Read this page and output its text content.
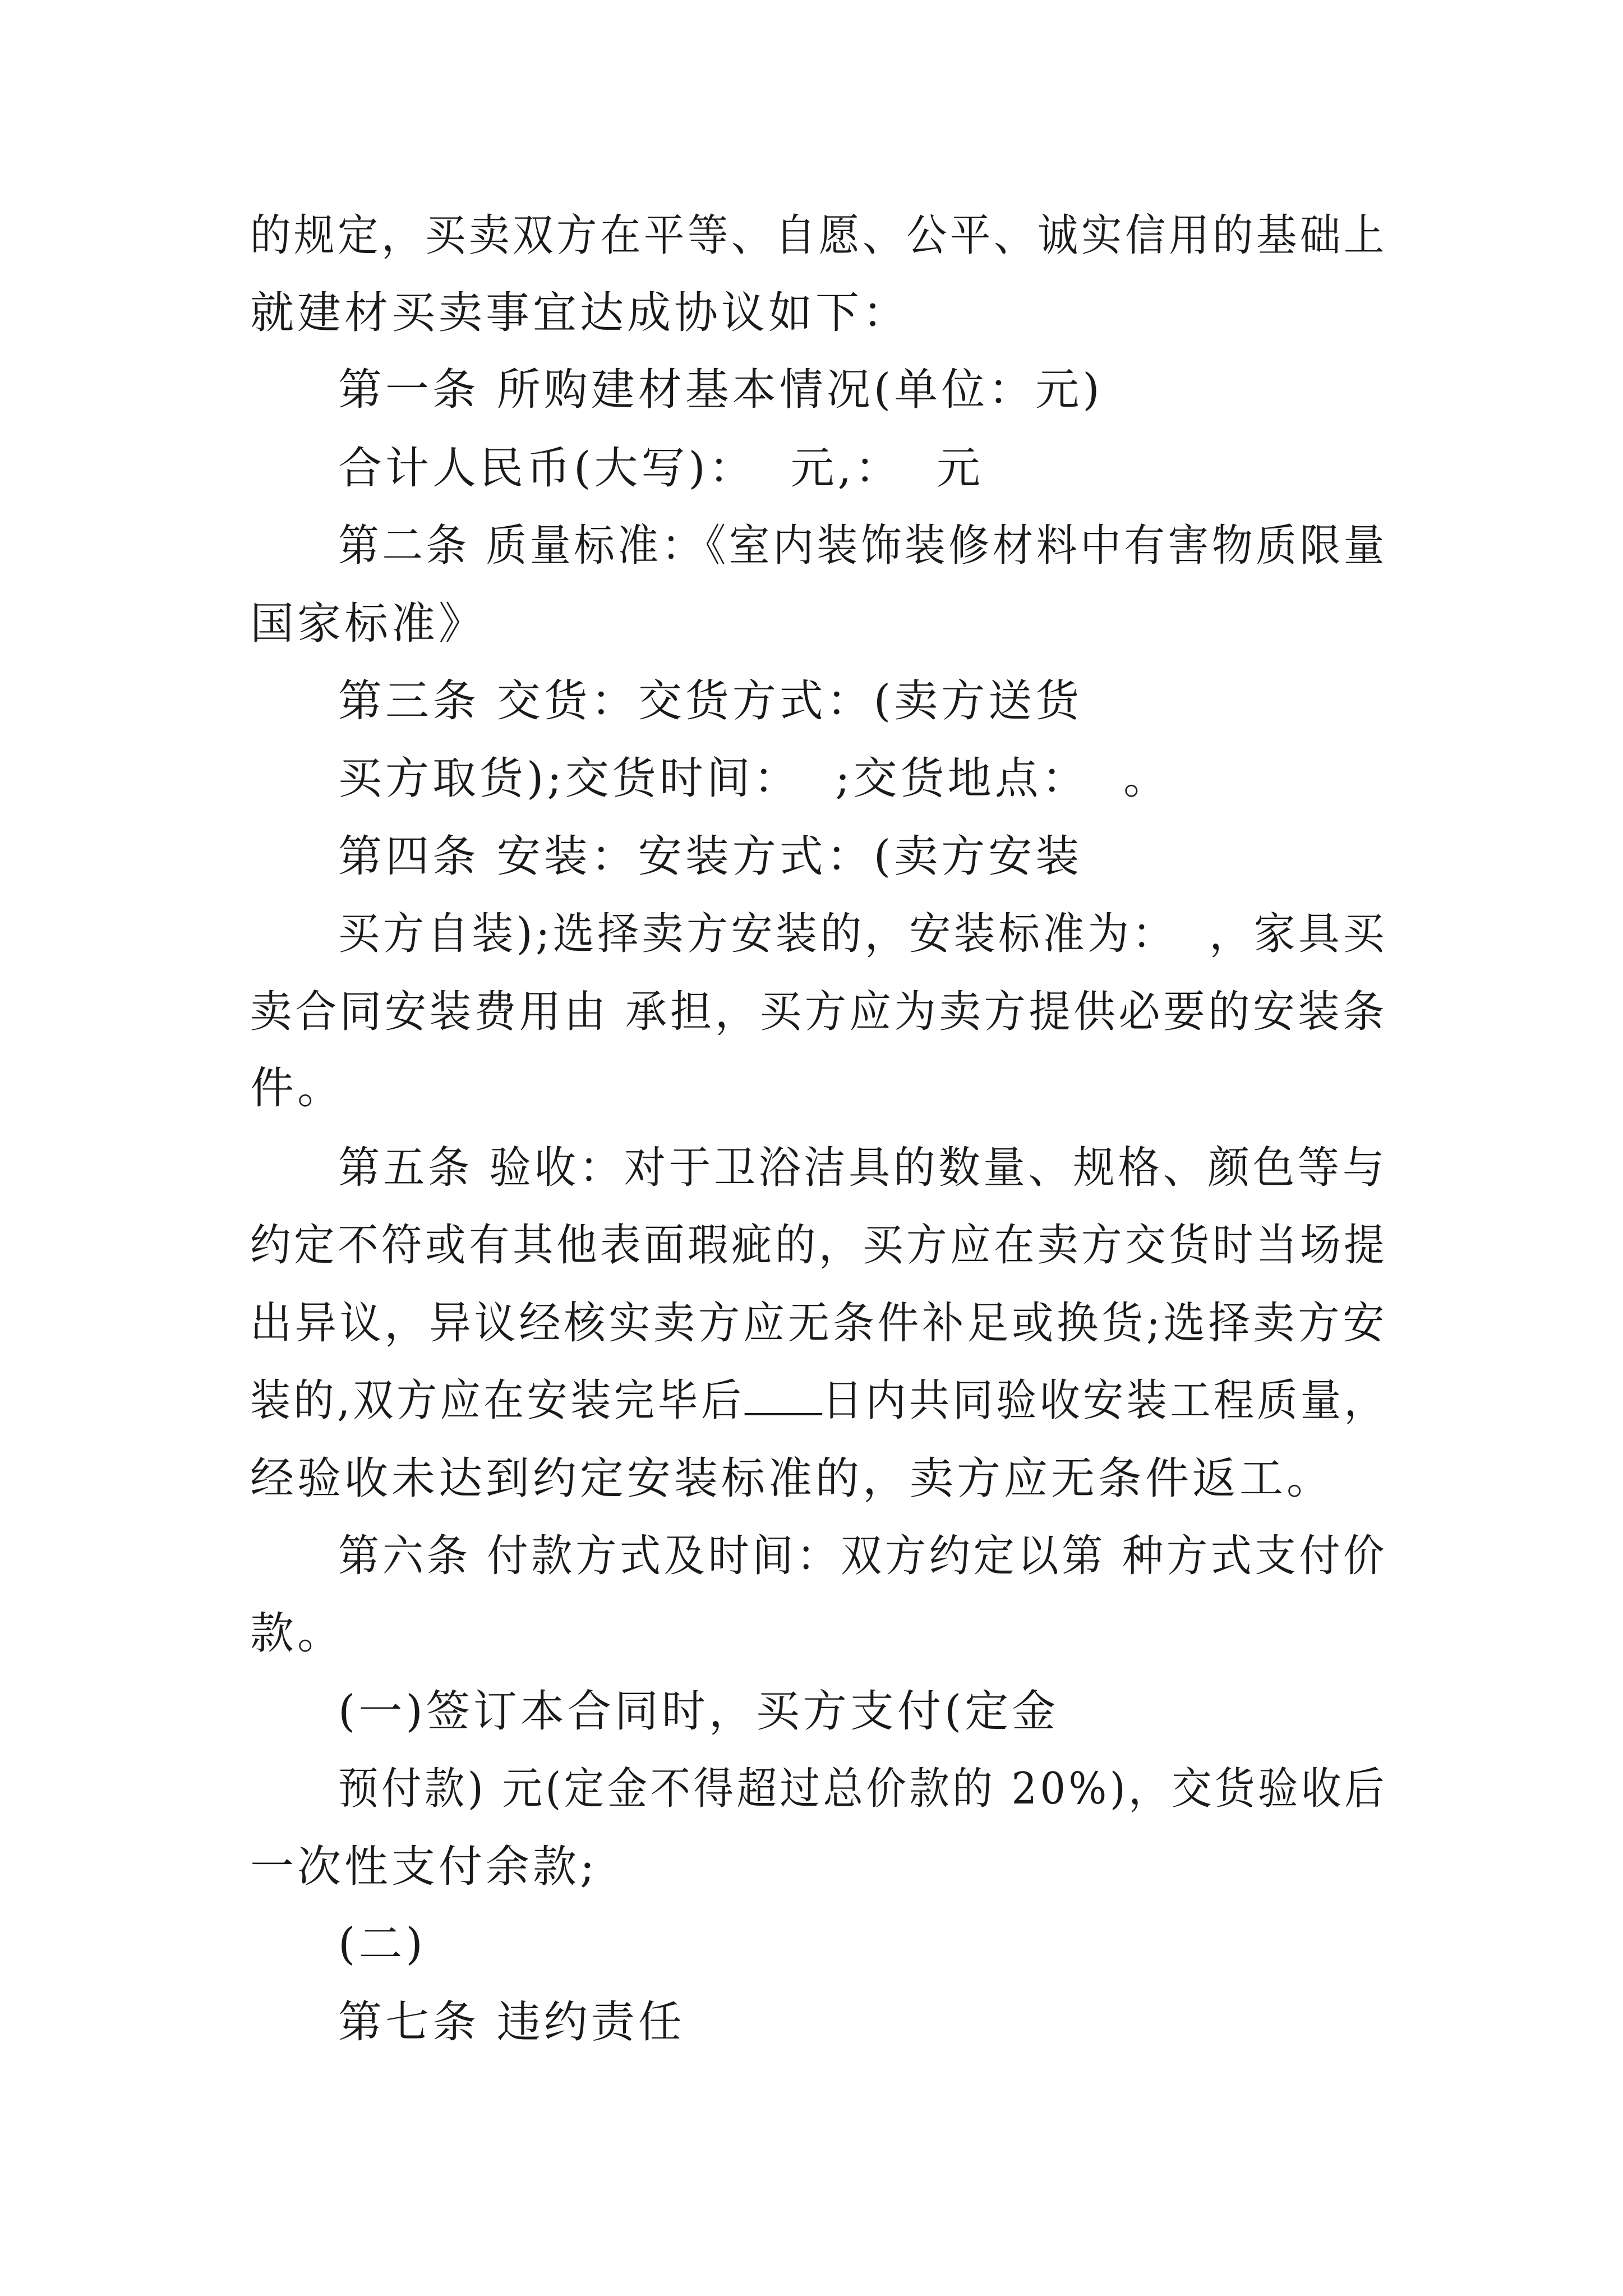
的规定，买卖双方在平等、自愿、公平、诚实信用的基础上
就建材买卖事宜达成协议如下：
第一条 所购建材基本情况(单位：元)
合计人民币(大写)：  元,：  元
第二条 质量标准：《室内装饰装修材料中有害物质限量
国家标准》
第三条 交货：交货方式：(卖方送货
买方取货);交货时间：  ;交货地点：  。
第四条 安装：安装方式：(卖方安装
买方自装);选择卖方安装的，安装标准为：  ，家具买
卖合同安装费用由 承担，买方应为卖方提供必要的安装条
件。
第五条 验收：对于卫浴洁具的数量、规格、颜色等与
约定不符或有其他表面瑕疵的，买方应在卖方交货时当场提
出异议，异议经核实卖方应无条件补足或换货;选择卖方安
装的,双方应在安装完毕后 日内共同验收安装工程质量，
经验收未达到约定安装标准的，卖方应无条件返工。
第六条 付款方式及时间：双方约定以第 种方式支付价
款。
(一)签订本合同时，买方支付(定金
预付款) 元(定金不得超过总价款的 20%)，交货验收后
一次性支付余款;
(二)
第七条 违约责任
